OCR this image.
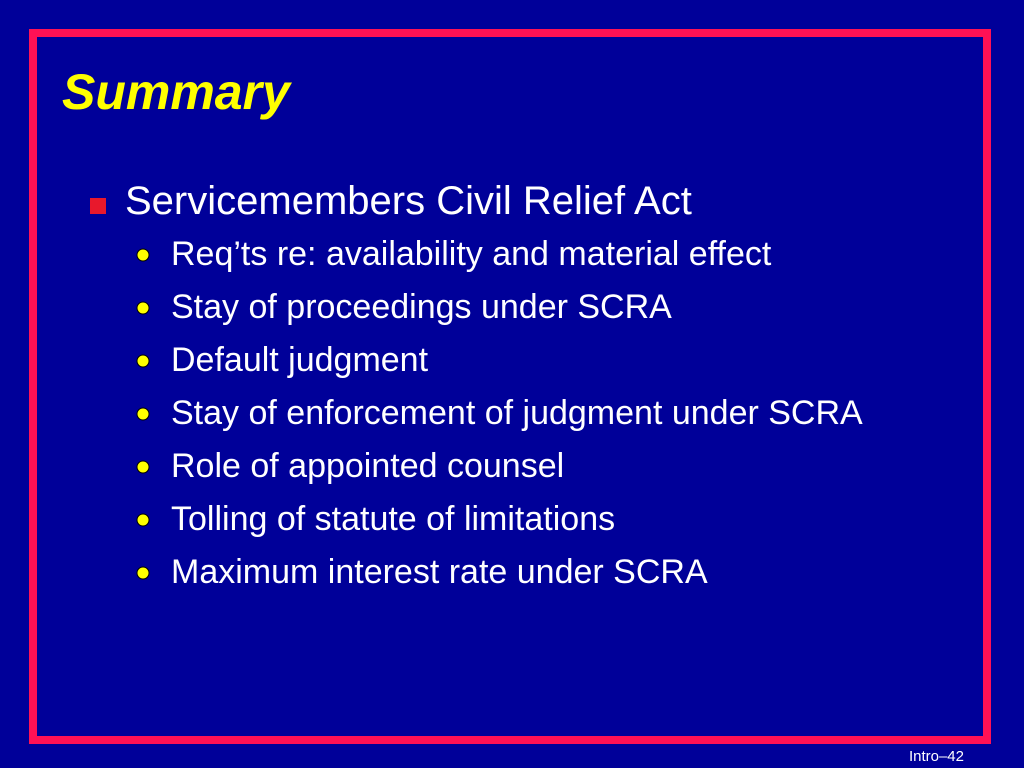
Summary
Servicemembers Civil Relief Act
Req’ts re: availability and material effect
Stay of proceedings under SCRA
Default judgment
Stay of enforcement of judgment under SCRA
Role of appointed counsel
Tolling of statute of limitations
Maximum interest rate under SCRA
Intro–42
